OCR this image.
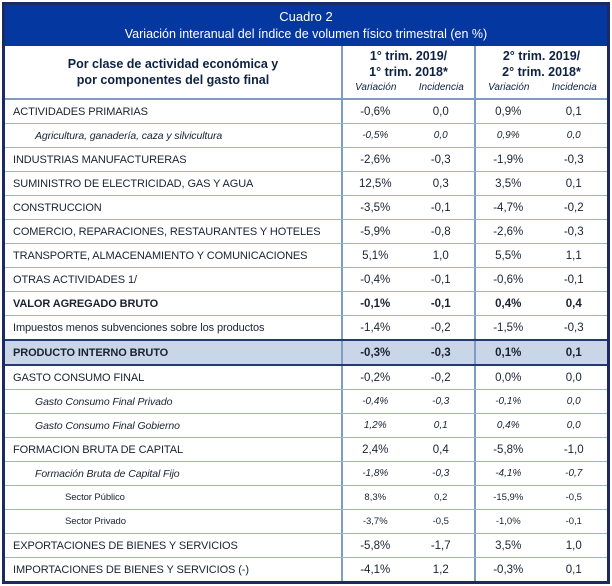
Cuadro 2
Variación interanual del índice de volumen físico trimestral (en %)
Por clase de actividad económica y
por componentes del gasto final
1° trim. 2019/
1° trim. 2018*
Variación	Incidencia
2° trim. 2019/
2° trim. 2018*
Variación	Incidencia
ACTIVIDADES PRIMARIAS	-0,6%	0,0	0,9%	0,1
Agricultura, ganadería, caza y silvicultura	-0,5%	0,0	0,9%	0,0
INDUSTRIAS MANUFACTURERAS	-2,6%	-0,3	-1,9%	-0,3
SUMINISTRO DE ELECTRICIDAD, GAS Y AGUA	12,5%	0,3	3,5%	0,1
CONSTRUCCION	-3,5%	-0,1	-4,7%	-0,2
COMERCIO, REPARACIONES, RESTAURANTES Y HOTELES	-5,9%	-0,8	-2,6%	-0,3
TRANSPORTE, ALMACENAMIENTO Y COMUNICACIONES	5,1%	1,0	5,5%	1,1
OTRAS ACTIVIDADES 1/	-0,4%	-0,1	-0,6%	-0,1
VALOR AGREGADO BRUTO	-0,1%	-0,1	0,4%	0,4
Impuestos menos subvenciones sobre los productos	-1,4%	-0,2	-1,5%	-0,3
PRODUCTO INTERNO BRUTO	-0,3%	-0,3	0,1%	0,1
GASTO CONSUMO FINAL	-0,2%	-0,2	0,0%	0,0
Gasto Consumo Final Privado	-0,4%	-0,3	-0,1%	0,0
Gasto Consumo Final Gobierno	1,2%	0,1	0,4%	0,0
FORMACION BRUTA DE CAPITAL	2,4%	0,4	-5,8%	-1,0
Formación Bruta de Capital Fijo	-1,8%	-0,3	-4,1%	-0,7
Sector Público	8,3%	0,2	-15,9%	-0,5
Sector Privado	-3,7%	-0,5	-1,0%	-0,1
EXPORTACIONES DE BIENES Y SERVICIOS	-5,8%	-1,7	3,5%	1,0
IMPORTACIONES DE BIENES Y SERVICIOS (-)	-4,1%	1,2	-0,3%	0,1
